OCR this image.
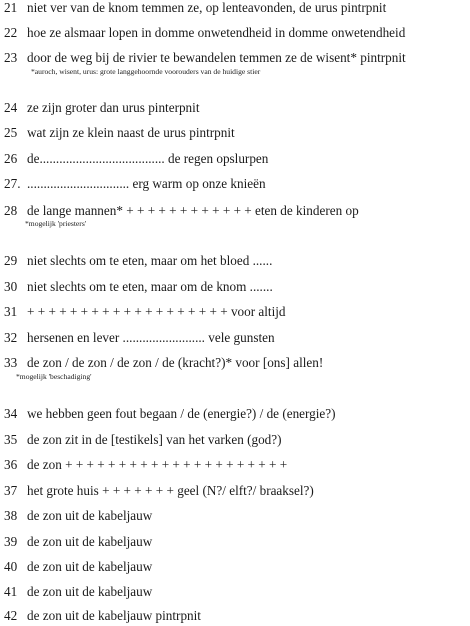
21 niet ver van de knom temmen ze, op lenteavonden, de urus pintrpnit
22 hoe ze alsmaar lopen in domme onwetendheid in domme onwetendheid
23 door de weg bij de rivier te bewandelen temmen ze de wisent* pintrpnit
*auroch, wisent, urus: grote langgehoornde voorouders van de huidige stier
24 ze zijn groter dan urus pinterpnit
25 wat zijn ze klein naast de urus pintrpnit
26 de...................................... de regen opslurpen
27. ............................... erg warm op onze knieën
28 de lange mannen* + + + + + + + + + + + + eten de kinderen op
*mogelijk 'priesters'
29 niet slechts om te eten, maar om het bloed ......
30 niet slechts om te eten, maar om de knom .......
31 + + + + + + + + + + + + + + + + + + + voor altijd
32 hersenen en lever ......................... vele gunsten
33 de zon / de zon / de zon / de (kracht?)* voor [ons] allen!
*mogelijk 'beschadiging'
34 we hebben geen fout begaan / de (energie?) / de (energie?)
35 de zon zit in de [testikels] van het varken (god?)
36 de zon + + + + + + + + + + + + + + + + + + + + +
37 het grote huis + + + + + + + geel (N?/ elft?/ braaksel?)
38 de zon uit de kabeljauw
39 de zon uit de kabeljauw
40 de zon uit de kabeljauw
41 de zon uit de kabeljauw
42 de zon uit de kabeljauw pintrpnit
